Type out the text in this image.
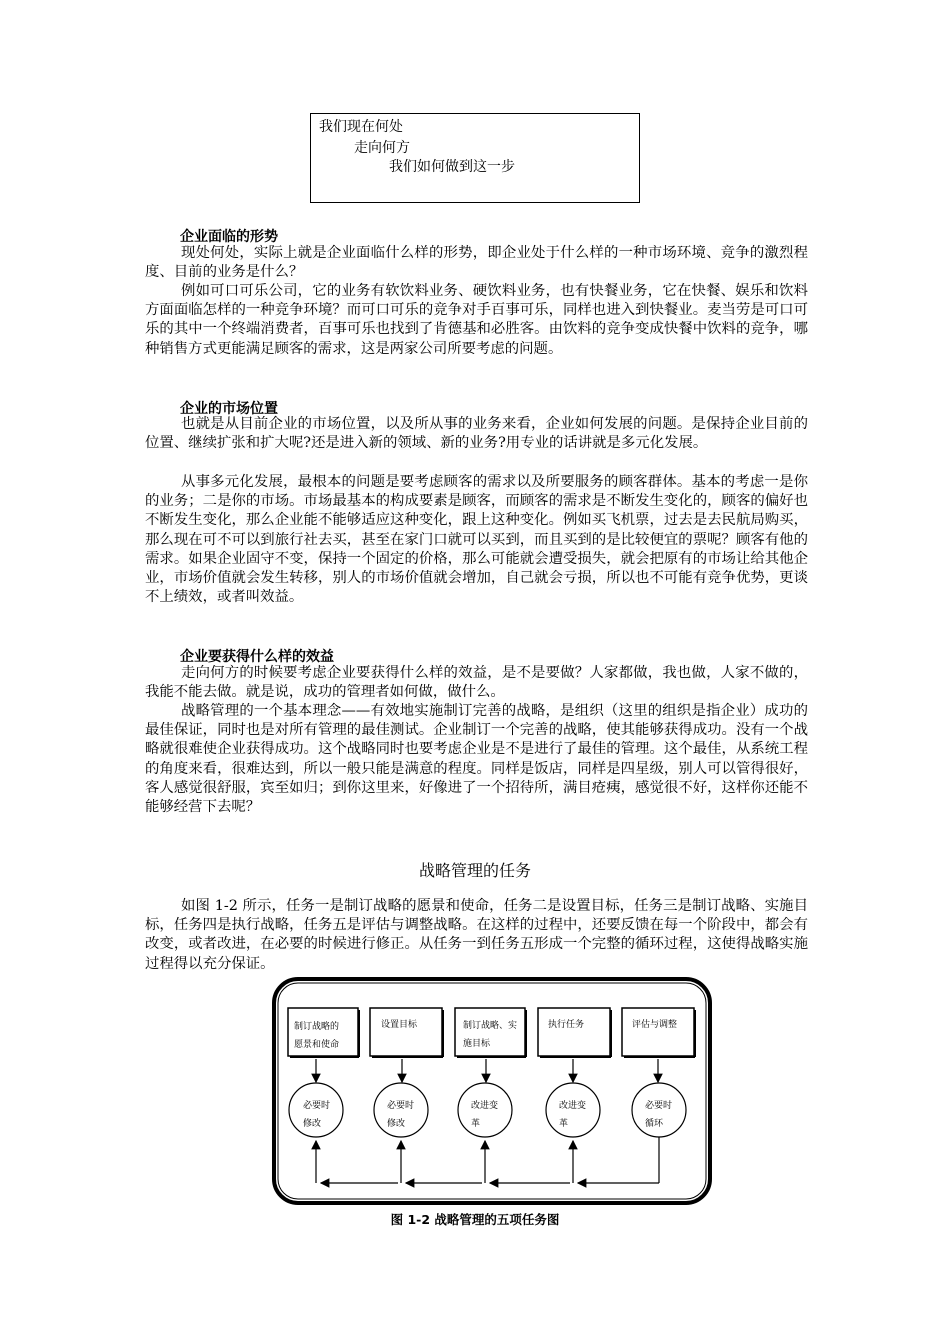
我们现在何处
走向何方
我们如何做到这一步
企业面临的形势
现处何处，实际上就是企业面临什么样的形势，即企业处于什么样的一种市场环境、竞争的激烈程度、目前的业务是什么？
例如可口可乐公司，它的业务有软饮料业务、硬饮料业务，也有快餐业务，它在快餐、娱乐和饮料方面面临怎样的一种竞争环境？而可口可乐的竞争对手百事可乐，同样也进入到快餐业。麦当劳是可口可乐的其中一个终端消费者，百事可乐也找到了肯德基和必胜客。由饮料的竞争变成快餐中饮料的竞争，哪种销售方式更能满足顾客的需求，这是两家公司所要考虑的问题。
企业的市场位置
也就是从目前企业的市场位置，以及所从事的业务来看，企业如何发展的问题。是保持企业目前的位置、继续扩张和扩大呢?还是进入新的领域、新的业务?用专业的话讲就是多元化发展。
从事多元化发展，最根本的问题是要考虑顾客的需求以及所要服务的顾客群体。基本的考虑一是你的业务；二是你的市场。市场最基本的构成要素是顾客，而顾客的需求是不断发生变化的，顾客的偏好也不断发生变化，那么企业能不能够适应这种变化，跟上这种变化。例如买飞机票，过去是去民航局购买，那么现在可不可以到旅行社去买，甚至在家门口就可以买到，而且买到的是比较便宜的票呢？顾客有他的需求。如果企业固守不变，保持一个固定的价格，那么可能就会遭受损失，就会把原有的市场让给其他企业，市场价值就会发生转移，别人的市场价值就会增加，自己就会亏损，所以也不可能有竞争优势，更谈不上绩效，或者叫效益。
企业要获得什么样的效益
走向何方的时候要考虑企业要获得什么样的效益，是不是要做？人家都做，我也做，人家不做的，我能不能去做。就是说，成功的管理者如何做，做什么。
战略管理的一个基本理念——有效地实施制订完善的战略，是组织（这里的组织是指企业）成功的最佳保证，同时也是对所有管理的最佳测试。企业制订一个完善的战略，使其能够获得成功。没有一个战略就很难使企业获得成功。这个战略同时也要考虑企业是不是进行了最佳的管理。这个最佳，从系统工程的角度来看，很难达到，所以一般只能是满意的程度。同样是饭店，同样是四星级，别人可以管得很好，客人感觉很舒服，宾至如归；到你这里来，好像进了一个招待所，满目疮痍，感觉很不好，这样你还能不能够经营下去呢？
战略管理的任务
如图 1-2 所示，任务一是制订战略的愿景和使命，任务二是设置目标，任务三是制订战略、实施目标，任务四是执行战略，任务五是评估与调整战略。在这样的过程中，还要反馈在每一个阶段中，都会有改变，或者改进，在必要的时候进行修正。从任务一到任务五形成一个完整的循环过程，这使得战略实施过程得以充分保证。
制订战略的
愿景和使命
设置目标	制订战略、实
施目标
执行任务	评估与调整
必要时
修改
必要时
修改
改进变
革
改进变
革
必要时
循环
图 1-2 战略管理的五项任务图
